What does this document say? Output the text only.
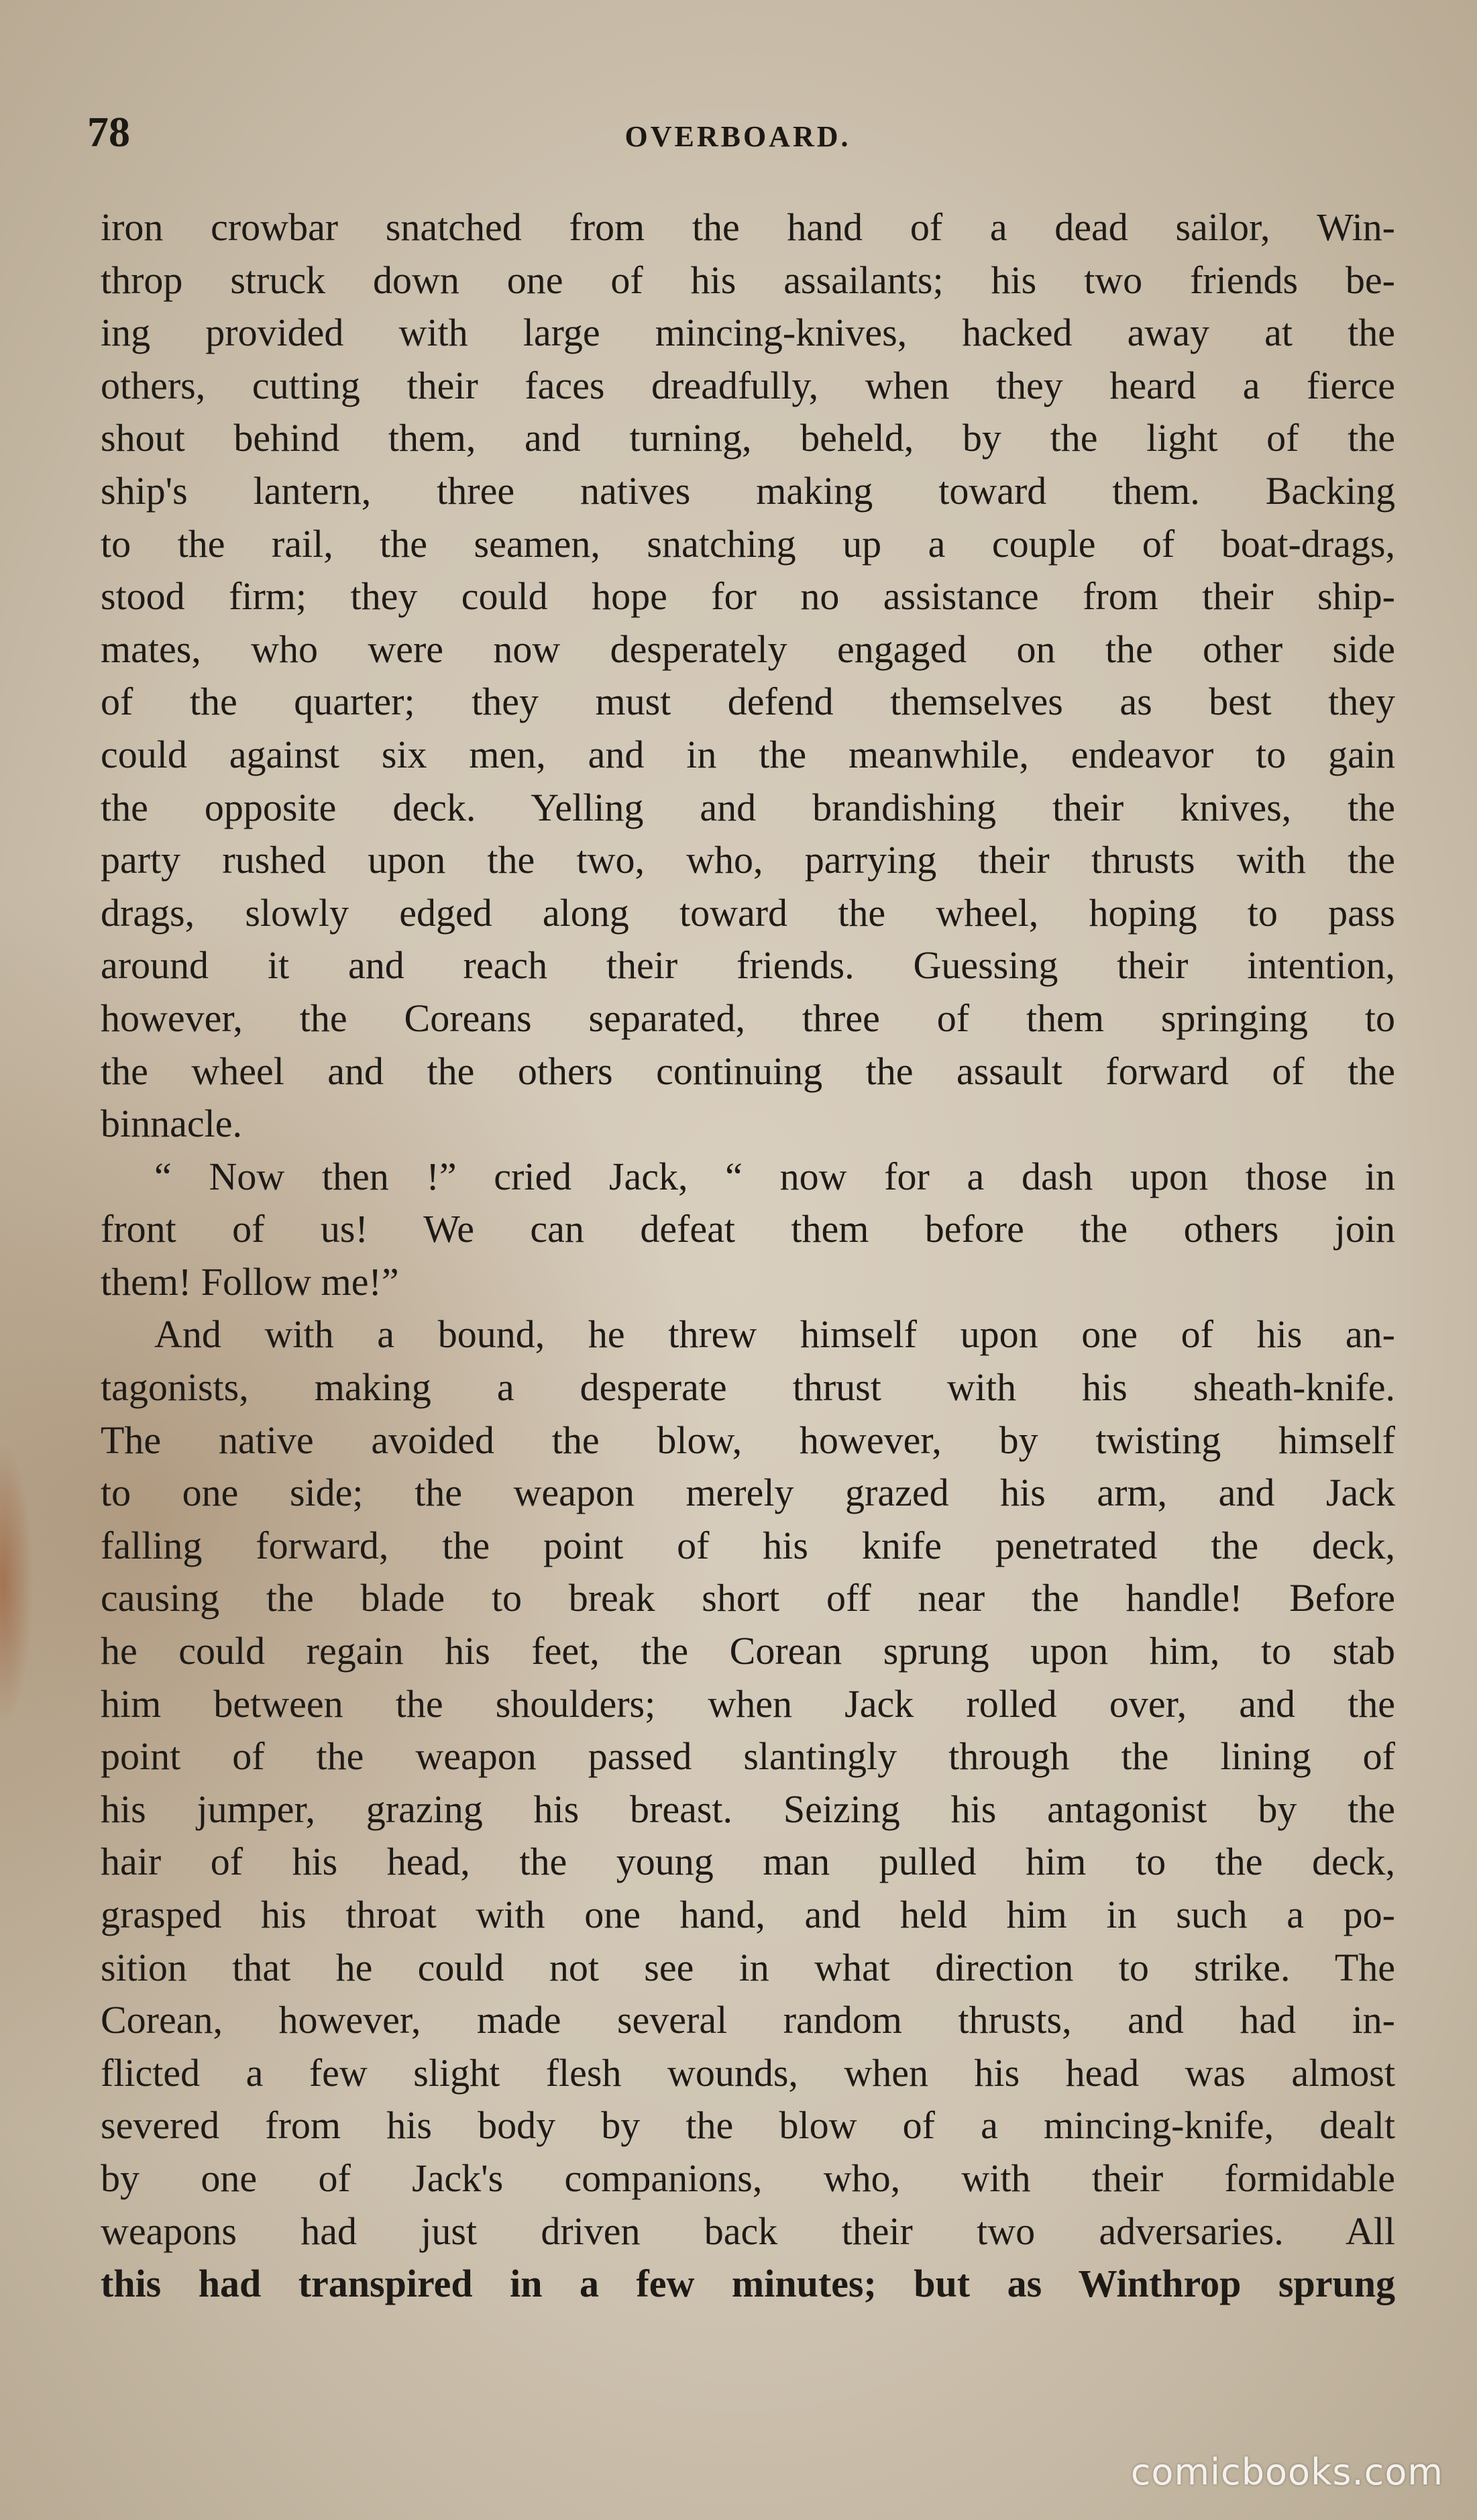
78	OVERBOARD.
iron crowbar snatched from the hand of a dead sailor, Win-
throp struck down one of his assailants; his two friends be-
ing provided with large mincing-knives, hacked away at the
others, cutting their faces dreadfully, when they heard a fierce
shout behind them, and turning, beheld, by the light of the
ship's lantern, three natives making toward them. Backing
to the rail, the seamen, snatching up a couple of boat-drags,
stood firm; they could hope for no assistance from their ship-
mates, who were now desperately engaged on the other side
of the quarter; they must defend themselves as best they
could against six men, and in the meanwhile, endeavor to gain
the opposite deck. Yelling and brandishing their knives, the
party rushed upon the two, who, parrying their thrusts with the
drags, slowly edged along toward the wheel, hoping to pass
around it and reach their friends. Guessing their intention,
however, the Coreans separated, three of them springing to
the wheel and the others continuing the assault forward of the
binnacle.
“ Now then !” cried Jack, “ now for a dash upon those in
front of us! We can defeat them before the others join
them! Follow me!”
And with a bound, he threw himself upon one of his an-
tagonists, making a desperate thrust with his sheath-knife.
The native avoided the blow, however, by twisting himself
to one side; the weapon merely grazed his arm, and Jack
falling forward, the point of his knife penetrated the deck,
causing the blade to break short off near the handle! Before
he could regain his feet, the Corean sprung upon him, to stab
him between the shoulders; when Jack rolled over, and the
point of the weapon passed slantingly through the lining of
his jumper, grazing his breast. Seizing his antagonist by the
hair of his head, the young man pulled him to the deck,
grasped his throat with one hand, and held him in such a po-
sition that he could not see in what direction to strike. The
Corean, however, made several random thrusts, and had in-
flicted a few slight flesh wounds, when his head was almost
severed from his body by the blow of a mincing-knife, dealt
by one of Jack's companions, who, with their formidable
weapons had just driven back their two adversaries. All
this had transpired in a few minutes; but as Winthrop sprung
comicbooks.com
